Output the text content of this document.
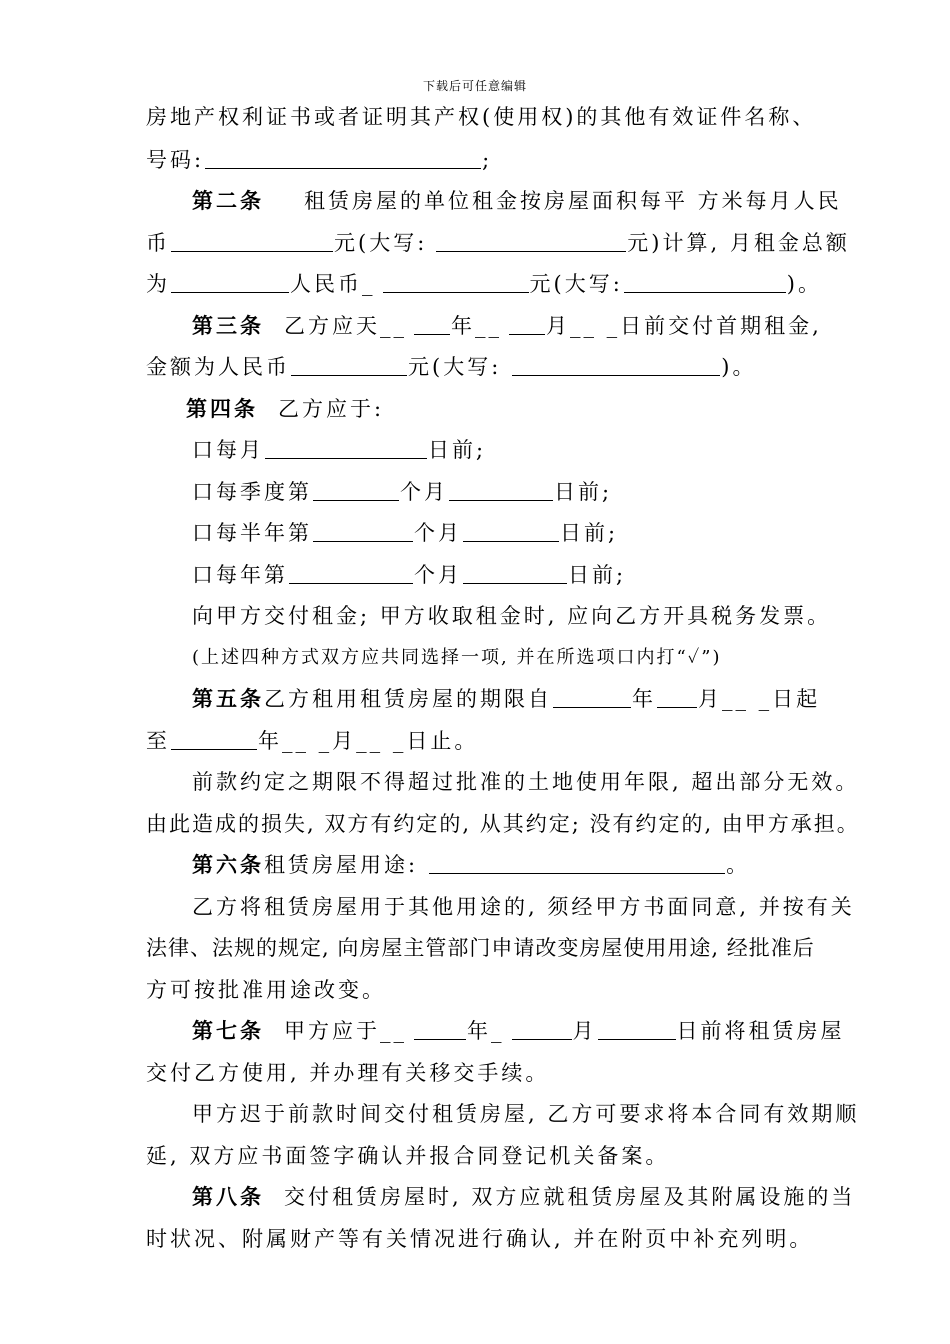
下载后可任意编辑
房地产权利证书或者证明其产权(使用权)的其他有效证件名称、
号码:	;
第二条 租赁房屋的单位租金按房屋面积每平 方米每月人民
币	元(大写:	元)计算, 月租金总额
为	人民币_	元(大写:	)。
第三条 乙方应天__ 年__ 月__ _日前交付首期租金,
金额为人民币	元(大写:	)。
第四条 乙方应于:
口每月	日前;
口每季度第	个月	日前;
口每半年第	个月	日前;
口每年第	个月	日前;
向甲方交付租金; 甲方收取租金时, 应向乙方开具税务发票。
(上述四种方式双方应共同选择一项, 并在所选项口内打“✓”)
第五条乙方租用租赁房屋的期限自	年 月__ _日起
至	年__ _月__ _日止。
前款约定之期限不得超过批准的土地使用年限, 超出部分无效。
由此造成的损失, 双方有约定的, 从其约定; 没有约定的, 由甲方承担。
第六条租赁房屋用途:	。
乙方将租赁房屋用于其他用途的, 须经甲方书面同意, 并按有关
法律、法规的规定, 向房屋主管部门申请改变房屋使用用途, 经批准后
方可按批准用途改变。
第七条 甲方应于__	年_	月	日前将租赁房屋
交付乙方使用, 并办理有关移交手续。
甲方迟于前款时间交付租赁房屋, 乙方可要求将本合同有效期顺
延, 双方应书面签字确认并报合同登记机关备案。
第八条 交付租赁房屋时, 双方应就租赁房屋及其附属设施的当
时状况、附属财产等有关情况进行确认, 并在附页中补充列明。
